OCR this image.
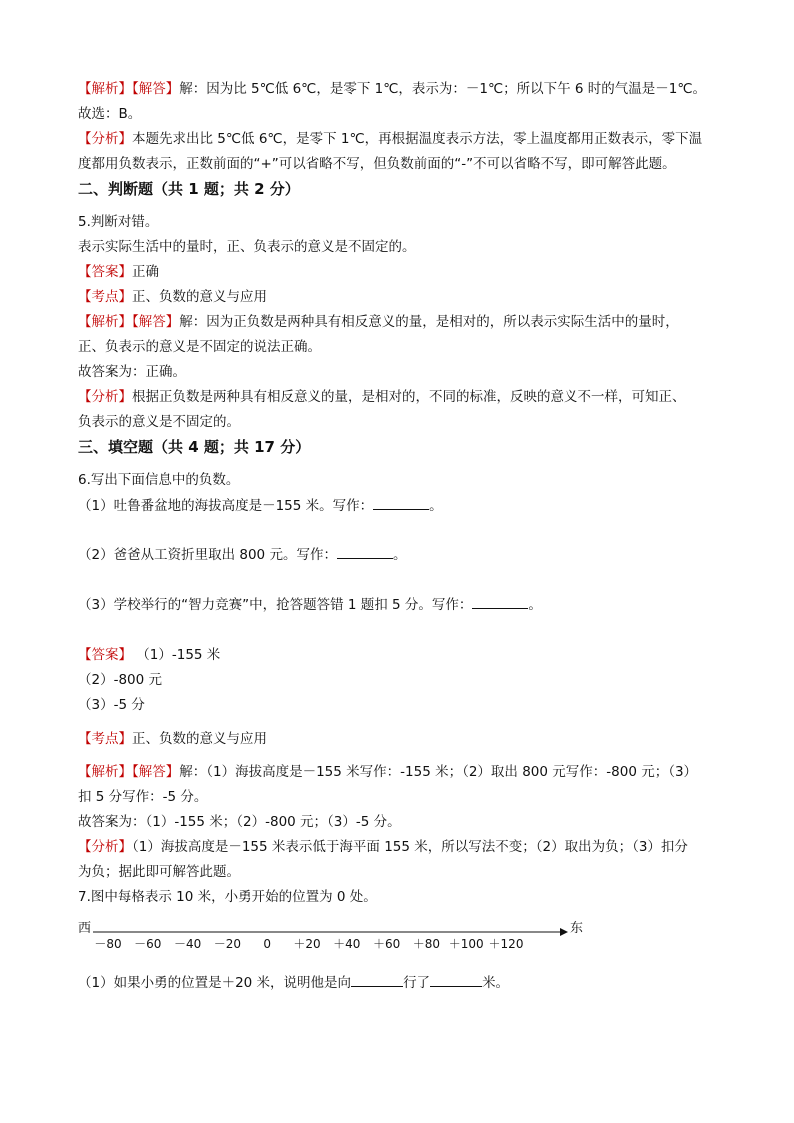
【解析】【解答】解：因为比 5℃低 6℃，是零下 1℃，表示为：－1℃；所以下午 6 时的气温是－1℃。
故选：B。
【分析】本题先求出比 5℃低 6℃，是零下 1℃，再根据温度表示方法，零上温度都用正数表示，零下温
度都用负数表示，正数前面的“+”可以省略不写，但负数前面的“-”不可以省略不写，即可解答此题。
二、判断题（共 1 题；共 2 分）
5.判断对错。
表示实际生活中的量时，正、负表示的意义是不固定的。
【答案】正确
【考点】正、负数的意义与应用
【解析】【解答】解：因为正负数是两种具有相反意义的量，是相对的，所以表示实际生活中的量时，
正、负表示的意义是不固定的说法正确。
故答案为：正确。
【分析】根据正负数是两种具有相反意义的量，是相对的，不同的标准，反映的意义不一样，可知正、
负表示的意义是不固定的。
三、填空题（共 4 题；共 17 分）
6.写出下面信息中的负数。
（1）吐鲁番盆地的海拔高度是－155 米。写作：	。
（2）爸爸从工资折里取出 800 元。写作：	。
（3）学校举行的“智力竞赛”中，抢答题答错 1 题扣 5 分。写作：	。
【答案】 （1）-155 米
（2）-800 元
（3）-5 分
【考点】正、负数的意义与应用
【解析】【解答】解：（1）海拔高度是－155 米写作：-155 米；（2）取出 800 元写作：-800 元；（3）
扣 5 分写作：-5 分。
故答案为：（1）-155 米；（2）-800 元；（3）-5 分。
【分析】（1）海拔高度是－155 米表示低于海平面 155 米，所以写法不变；（2）取出为负；（3）扣分
为负；据此即可解答此题。
7.图中每格表示 10 米，小勇开始的位置为 0 处。
西	东
－80 －60 －40 －20 0 ＋20 ＋40 ＋60 ＋80 ＋100 ＋120
（1）如果小勇的位置是＋20 米，说明他是向	行了	米。
